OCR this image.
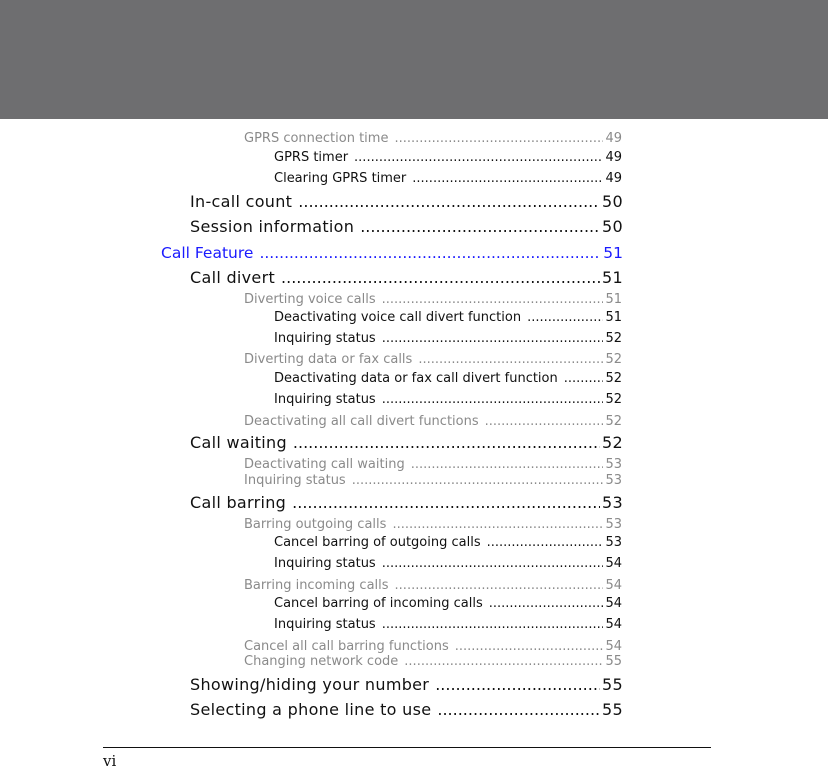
GPRS connection time .....	49
GPRS timer .....	49
Clearing GPRS timer .....	49
In-call count .....	50
Session information .....	50
Call Feature .....	51
Call divert .....	51
Diverting voice calls .....	51
Deactivating voice call divert function .....	51
Inquiring status .....	52
Diverting data or fax calls .....	52
Deactivating data or fax call divert function .....	52
Inquiring status .....	52
Deactivating all call divert functions .....	52
Call waiting .....	52
Deactivating call waiting .....	53
Inquiring status .....	53
Call barring .....	53
Barring outgoing calls .....	53
Cancel barring of outgoing calls .....	53
Inquiring status .....	54
Barring incoming calls .....	54
Cancel barring of incoming calls .....	54
Inquiring status .....	54
Cancel all call barring functions .....	54
Changing network code .....	55
Showing/hiding your number .....	55
Selecting a phone line to use .....	55
vi
